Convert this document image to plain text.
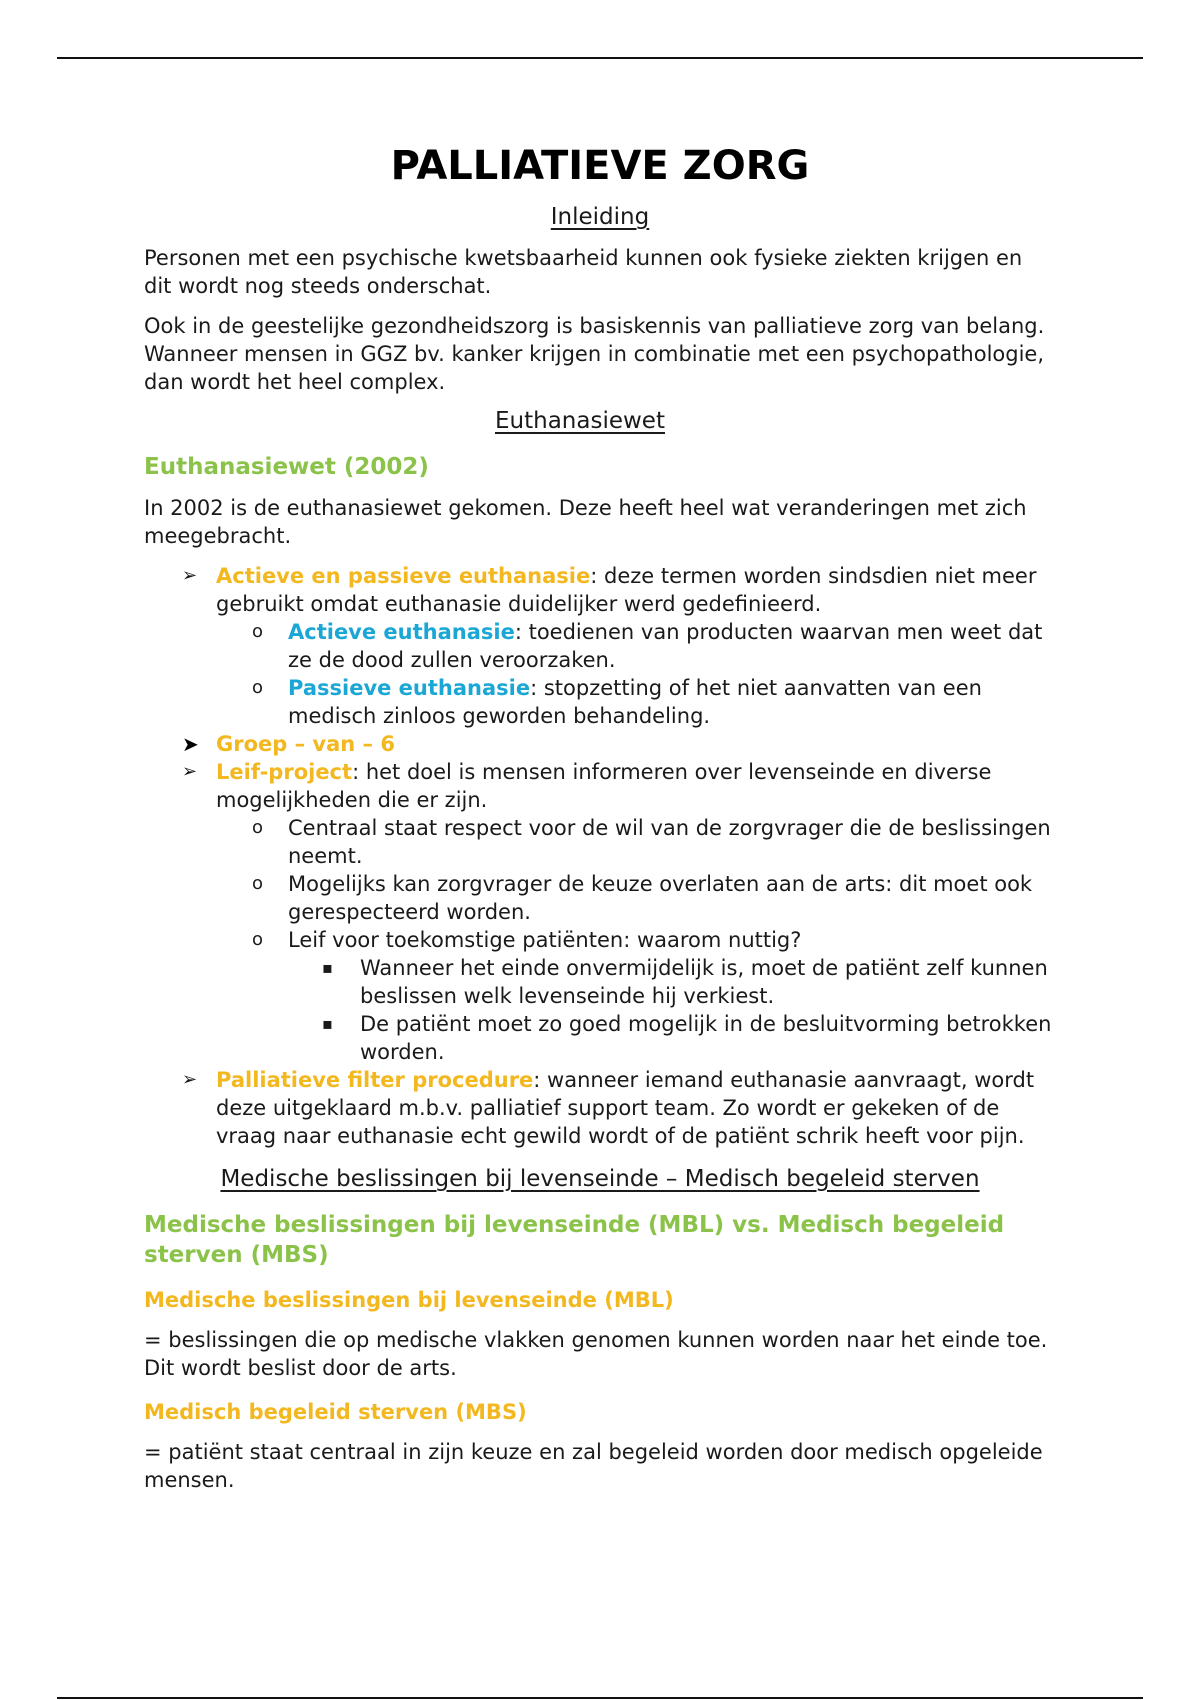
PALLIATIEVE ZORG
Inleiding

Personen met een psychische kwetsbaarheid kunnen ook fysieke ziekten krijgen en dit wordt nog steeds onderschat.

Ook in de geestelijke gezondheidszorg is basiskennis van palliatieve zorg van belang. Wanneer mensen in GGZ bv. kanker krijgen in combinatie met een psychopathologie, dan wordt het heel complex.

Euthanasiewet

Euthanasiewet (2002)

In 2002 is de euthanasiewet gekomen. Deze heeft heel wat veranderingen met zich meegebracht.

➢ Actieve en passieve euthanasie: deze termen worden sindsdien niet meer gebruikt omdat euthanasie duidelijker werd gedefinieerd.
o Actieve euthanasie: toedienen van producten waarvan men weet dat ze de dood zullen veroorzaken.
o Passieve euthanasie: stopzetting of het niet aanvatten van een medisch zinloos geworden behandeling.
➤ Groep – van – 6
➢ Leif-project: het doel is mensen informeren over levenseinde en diverse mogelijkheden die er zijn.
o Centraal staat respect voor de wil van de zorgvrager die de beslissingen neemt.
o Mogelijks kan zorgvrager de keuze overlaten aan de arts: dit moet ook gerespecteerd worden.
o Leif voor toekomstige patiënten: waarom nuttig?
▪ Wanneer het einde onvermijdelijk is, moet de patiënt zelf kunnen beslissen welk levenseinde hij verkiest.
▪ De patiënt moet zo goed mogelijk in de besluitvorming betrokken worden.
➢ Palliatieve filter procedure: wanneer iemand euthanasie aanvraagt, wordt deze uitgeklaard m.b.v. palliatief support team. Zo wordt er gekeken of de vraag naar euthanasie echt gewild wordt of de patiënt schrik heeft voor pijn.
Medische beslissingen bij levenseinde – Medisch begeleid sterven

Medische beslissingen bij levenseinde (MBL) vs. Medisch begeleid sterven (MBS)

Medische beslissingen bij levenseinde (MBL)

= beslissingen die op medische vlakken genomen kunnen worden naar het einde toe. Dit wordt beslist door de arts.

Medisch begeleid sterven (MBS)

= patiënt staat centraal in zijn keuze en zal begeleid worden door medisch opgeleide mensen.
